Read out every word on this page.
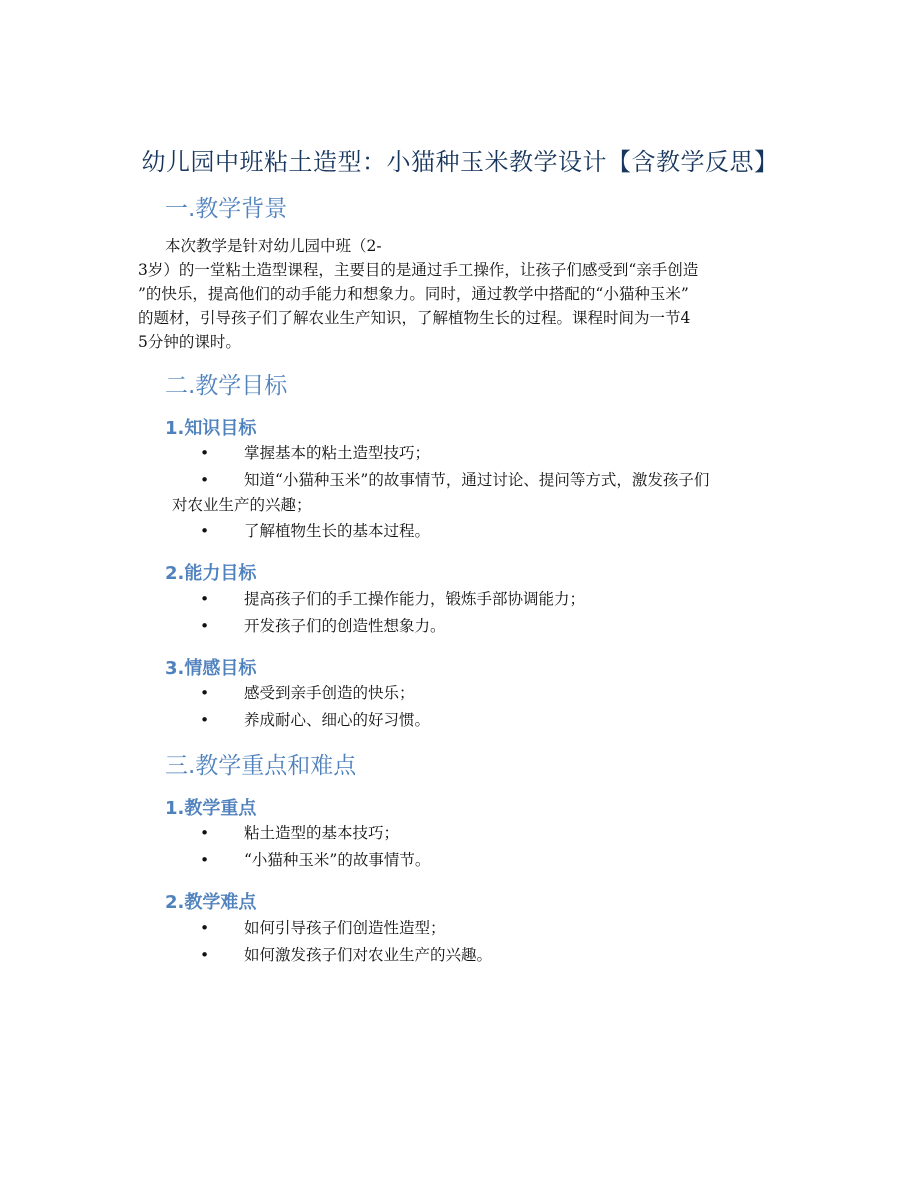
幼儿园中班粘土造型：小猫种玉米教学设计【含教学反思】
一.教学背景
本次教学是针对幼儿园中班（2-
3岁）的一堂粘土造型课程，主要目的是通过手工操作，让孩子们感受到“亲手创造
”的快乐，提高他们的动手能力和想象力。同时，通过教学中搭配的“小猫种玉米”
的题材，引导孩子们了解农业生产知识，了解植物生长的过程。课程时间为一节4
5分钟的课时。
二.教学目标
1.知识目标
• 掌握基本的粘土造型技巧；
• 知道“小猫种玉米”的故事情节，通过讨论、提问等方式，激发孩子们
对农业生产的兴趣；
• 了解植物生长的基本过程。
2.能力目标
• 提高孩子们的手工操作能力，锻炼手部协调能力；
• 开发孩子们的创造性想象力。
3.情感目标
• 感受到亲手创造的快乐；
• 养成耐心、细心的好习惯。
三.教学重点和难点
1.教学重点
• 粘土造型的基本技巧；
• “小猫种玉米”的故事情节。
2.教学难点
• 如何引导孩子们创造性造型；
• 如何激发孩子们对农业生产的兴趣。
